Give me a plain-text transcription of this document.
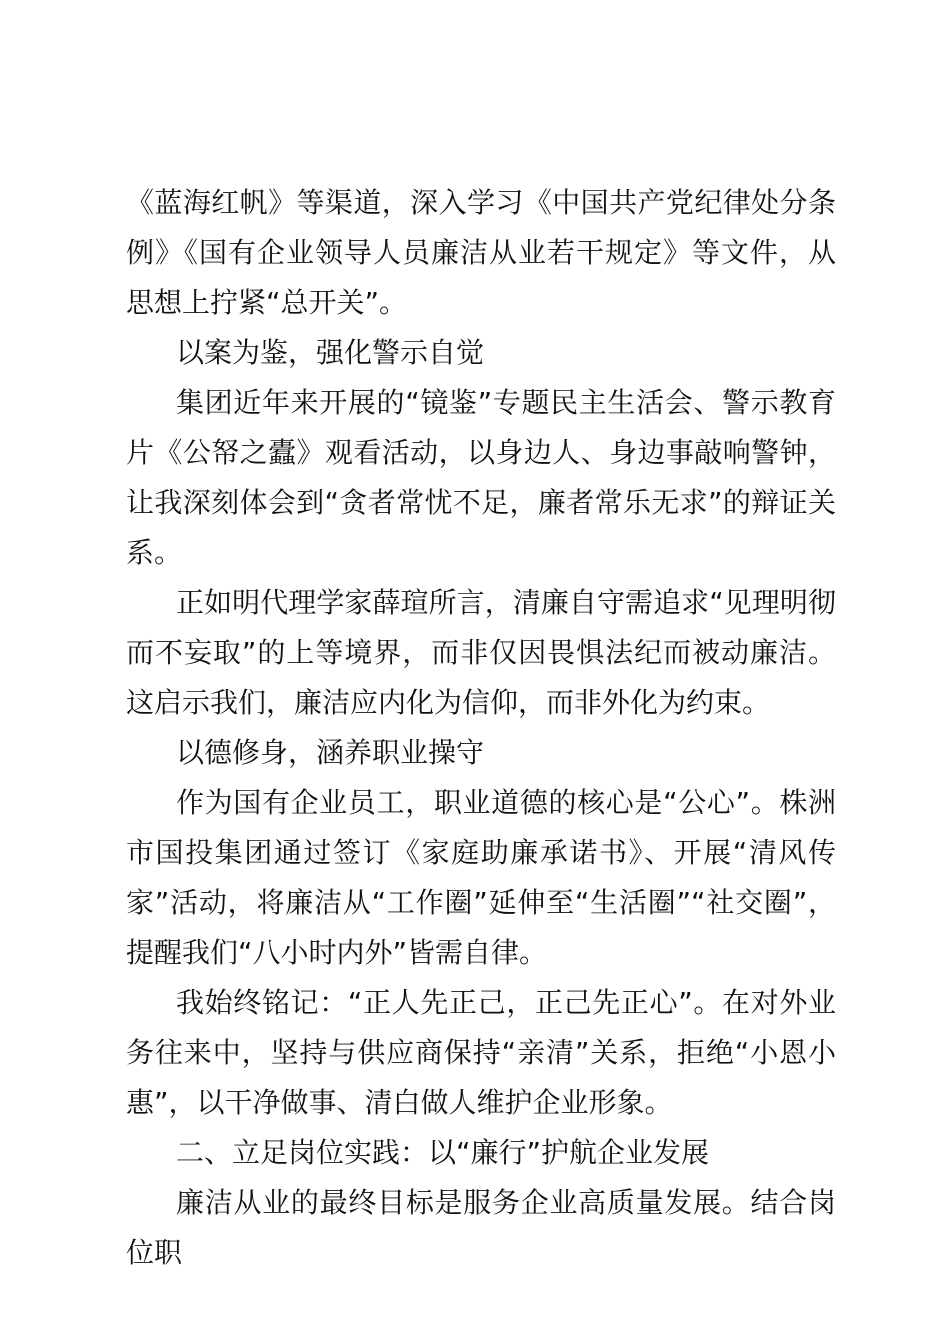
《蓝海红帆》等渠道，深入学习《中国共产党纪律处分条例》《国有企业领导人员廉洁从业若干规定》等文件，从思想上拧紧“总开关”。

以案为鉴，强化警示自觉

集团近年来开展的“镜鉴”专题民主生活会、警示教育片《公帑之蠹》观看活动，以身边人、身边事敲响警钟，让我深刻体会到“贪者常忧不足，廉者常乐无求”的辩证关系。

正如明代理学家薛瑄所言，清廉自守需追求“见理明彻而不妄取”的上等境界，而非仅因畏惧法纪而被动廉洁。这启示我们，廉洁应内化为信仰，而非外化为约束。

以德修身，涵养职业操守

作为国有企业员工，职业道德的核心是“公心”。株洲市国投集团通过签订《家庭助廉承诺书》、开展“清风传家”活动，将廉洁从“工作圈”延伸至“生活圈”“社交圈”，提醒我们“八小时内外”皆需自律。

我始终铭记：“正人先正己，正己先正心”。在对外业务往来中，坚持与供应商保持“亲清”关系，拒绝“小恩小惠”，以干净做事、清白做人维护企业形象。

二、立足岗位实践：以“廉行”护航企业发展

廉洁从业的最终目标是服务企业高质量发展。结合岗位职
